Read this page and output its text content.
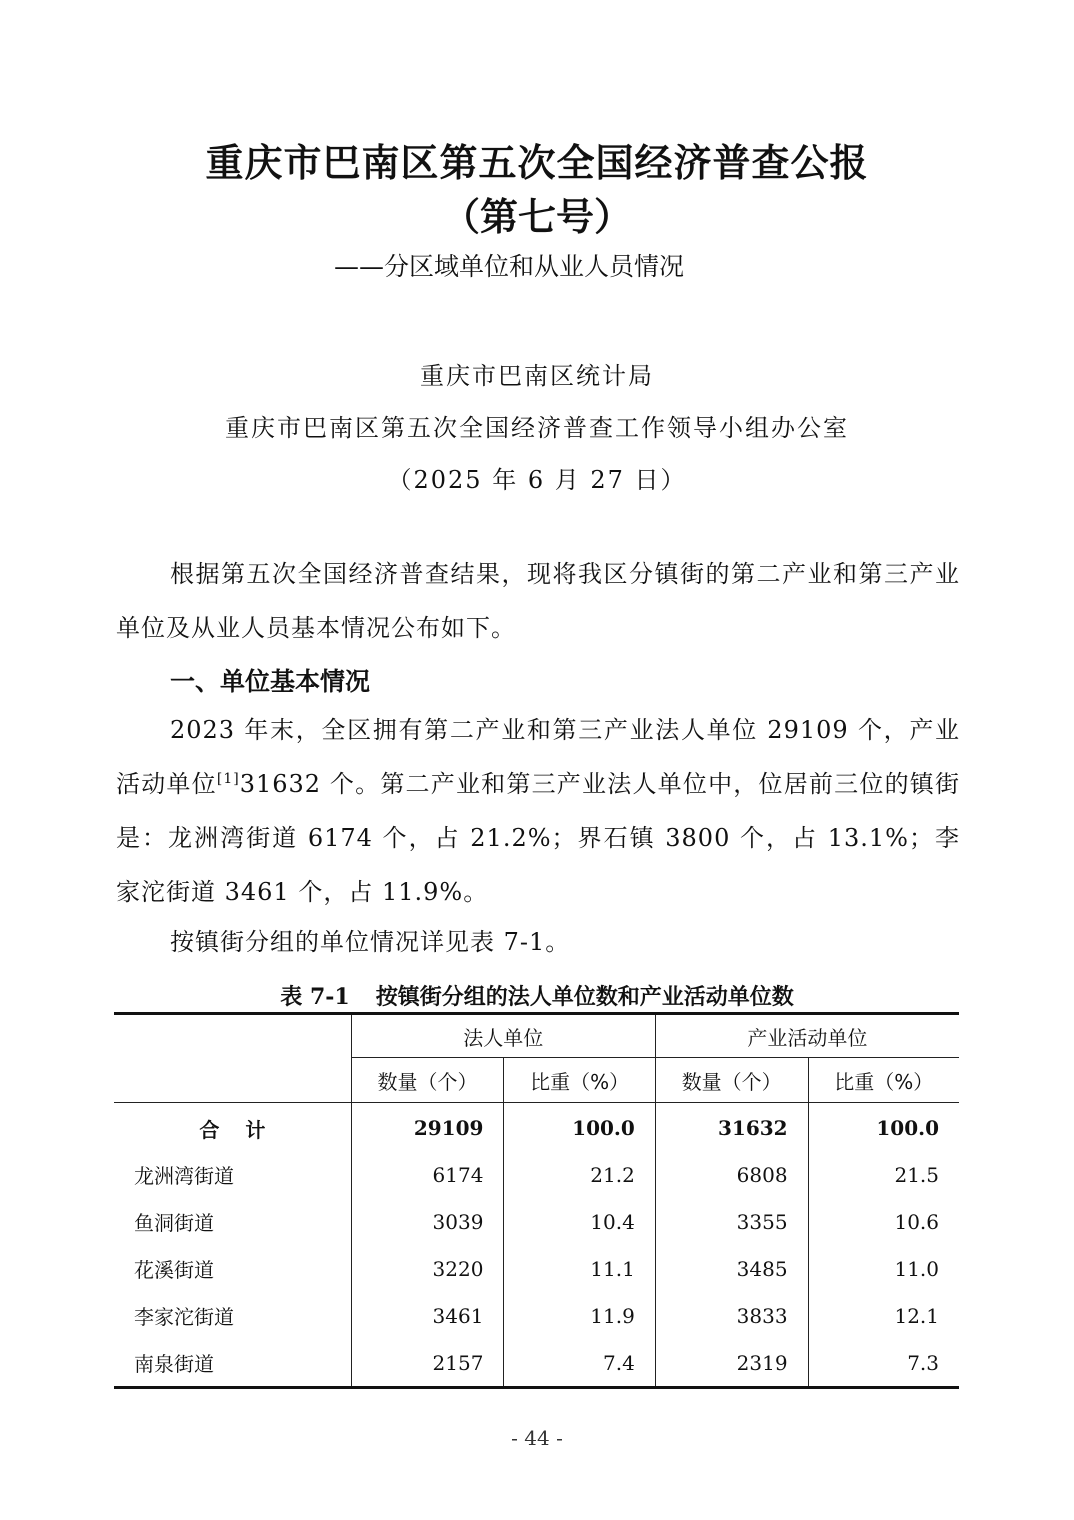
重庆市巴南区第五次全国经济普查公报
（第七号）
——分区域单位和从业人员情况
重庆市巴南区统计局
重庆市巴南区第五次全国经济普查工作领导小组办公室
（2025 年 6 月 27 日）
根据第五次全国经济普查结果，现将我区分镇街的第二产业和第三产业单位及从业人员基本情况公布如下。
一、单位基本情况
2023 年末，全区拥有第二产业和第三产业法人单位 29109 个，产业活动单位[1]31632 个。第二产业和第三产业法人单位中，位居前三位的镇街是：龙洲湾街道 6174 个，占 21.2%；界石镇 3800 个，占 13.1%；李家沱街道 3461 个，占 11.9%。
按镇街分组的单位情况详见表 7-1。
表 7-1 按镇街分组的法人单位数和产业活动单位数
	法人单位		产业活动单位	
	数量（个）	比重（%）	数量（个）	比重（%）
合计	29109	100.0	31632	100.0
龙洲湾街道	6174	21.2	6808	21.5
鱼洞街道	3039	10.4	3355	10.6
花溪街道	3220	11.1	3485	11.0
李家沱街道	3461	11.9	3833	12.1
南泉街道	2157	7.4	2319	7.3
- 44 -
